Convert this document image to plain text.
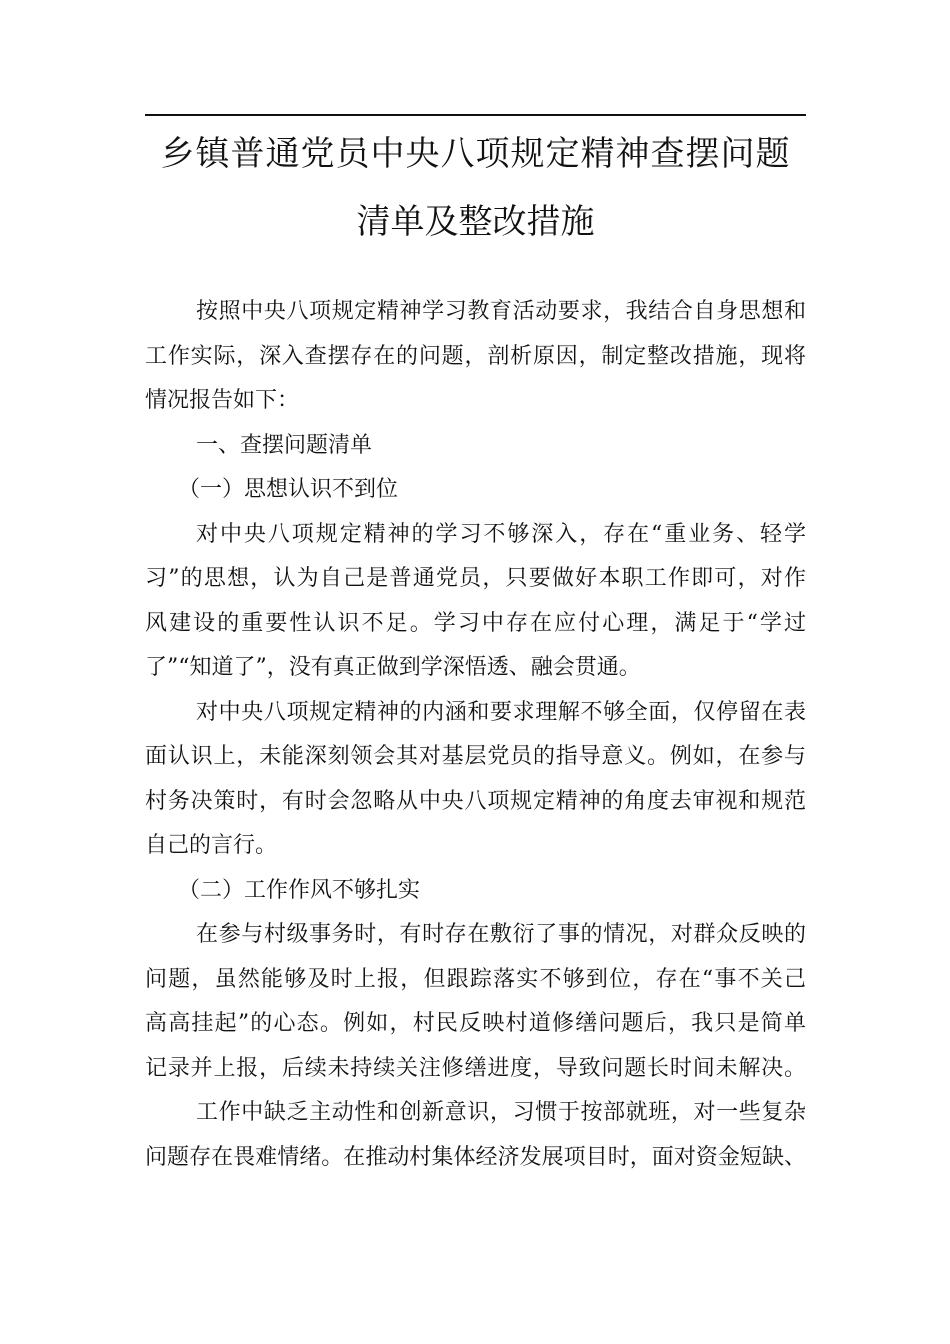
乡镇普通党员中央八项规定精神查摆问题
清单及整改措施
按照中央八项规定精神学习教育活动要求，我结合自身思想和
工作实际，深入查摆存在的问题，剖析原因，制定整改措施，现将
情况报告如下：
一、查摆问题清单
（一）思想认识不到位
对中央八项规定精神的学习不够深入，存在“重业务、轻学
习”的思想，认为自己是普通党员，只要做好本职工作即可，对作
风建设的重要性认识不足。学习中存在应付心理，满足于“学过
了”“知道了”，没有真正做到学深悟透、融会贯通。
对中央八项规定精神的内涵和要求理解不够全面，仅停留在表
面认识上，未能深刻领会其对基层党员的指导意义。例如，在参与
村务决策时，有时会忽略从中央八项规定精神的角度去审视和规范
自己的言行。
（二）工作作风不够扎实
在参与村级事务时，有时存在敷衍了事的情况，对群众反映的
问题，虽然能够及时上报，但跟踪落实不够到位，存在“事不关己
高高挂起”的心态。例如，村民反映村道修缮问题后，我只是简单
记录并上报，后续未持续关注修缮进度，导致问题长时间未解决。
工作中缺乏主动性和创新意识，习惯于按部就班，对一些复杂
问题存在畏难情绪。在推动村集体经济发展项目时，面对资金短缺、
